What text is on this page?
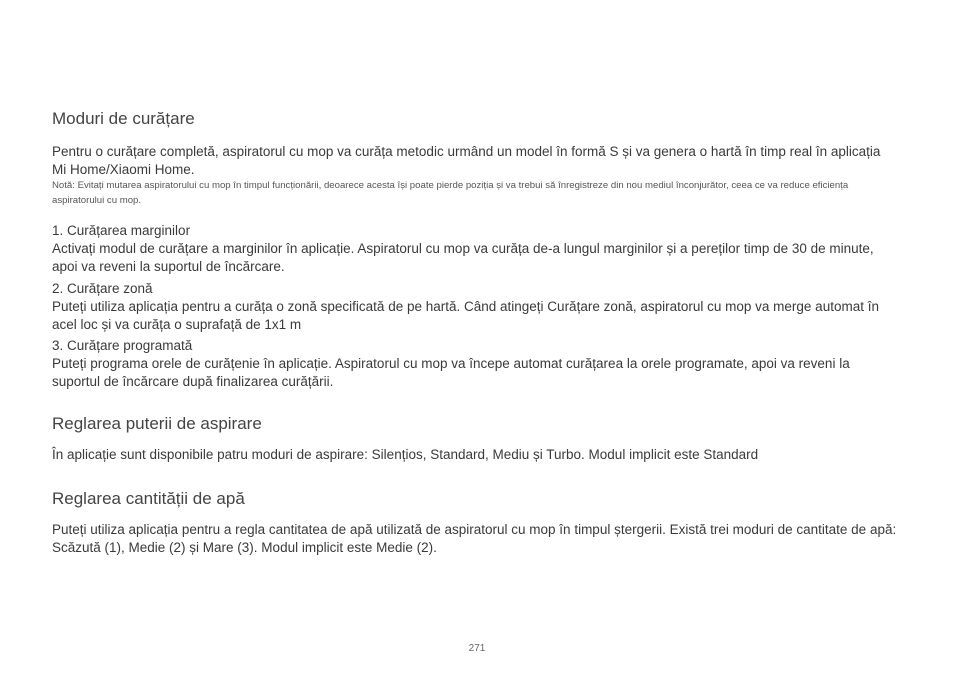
Moduri de curățare

Pentru o curățare completă, aspiratorul cu mop va curăța metodic urmând un model în formă S și va genera o hartă în timp real în aplicația Mi Home/Xiaomi Home.

Notă: Evitați mutarea aspiratorului cu mop în timpul funcționării, deoarece acesta își poate pierde poziția și va trebui să înregistreze din nou mediul înconjurător, ceea ce va reduce eficiența aspiratorului cu mop.

1. Curățarea marginilor

Activați modul de curățare a marginilor în aplicație. Aspiratorul cu mop va curăța de-a lungul marginilor și a pereților timp de 30 de minute, apoi va reveni la suportul de încărcare.

2. Curățare zonă

Puteți utiliza aplicația pentru a curăța o zonă specificată de pe hartă. Când atingeți Curățare zonă, aspiratorul cu mop va merge automat în acel loc și va curăța o suprafață de 1x1 m

3. Curățare programată

Puteți programa orele de curățenie în aplicație. Aspiratorul cu mop va începe automat curățarea la orele programate, apoi va reveni la suportul de încărcare după finalizarea curățării.

Reglarea puterii de aspirare

În aplicație sunt disponibile patru moduri de aspirare: Silențios, Standard, Mediu și Turbo. Modul implicit este Standard

Reglarea cantității de apă

Puteți utiliza aplicația pentru a regla cantitatea de apă utilizată de aspiratorul cu mop în timpul ștergerii. Există trei moduri de cantitate de apă: Scăzută (1), Medie (2) și Mare (3). Modul implicit este Medie (2).

271
